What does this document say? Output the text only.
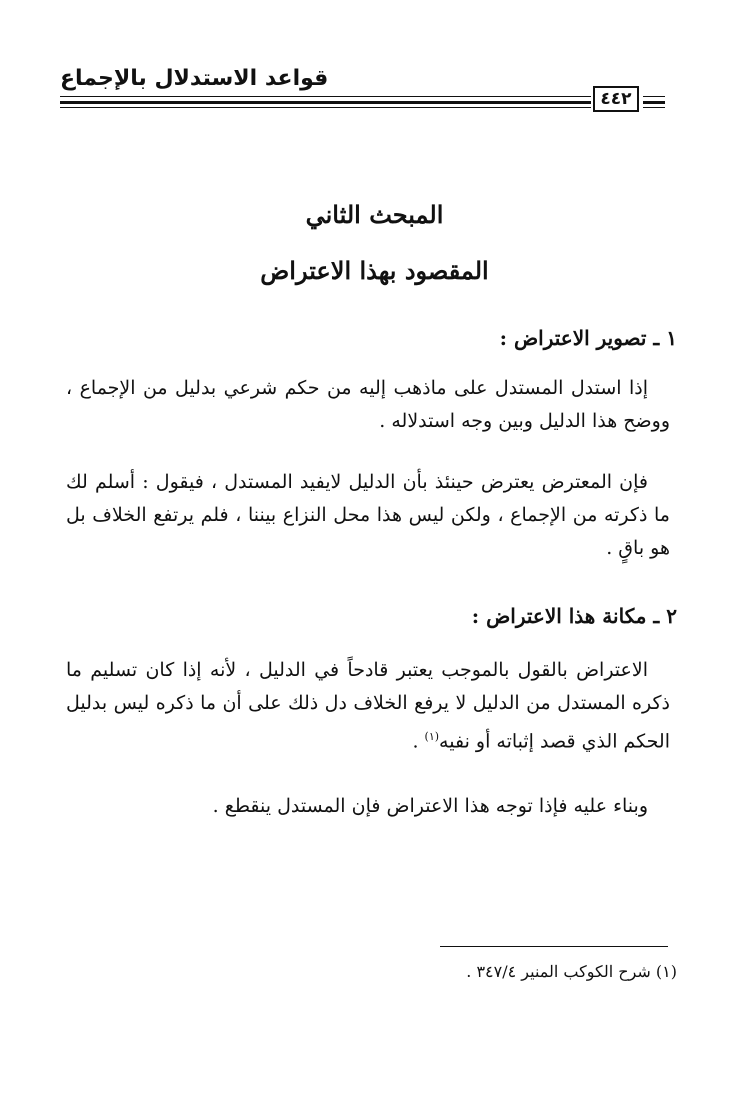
قواعد الاستدلال بالإجماع
٤٤٢
المبحث الثاني
المقصود بهذا الاعتراض
١ ـ تصوير الاعتراض :

إذا استدل المستدل على ماذهب إليه من حكم شرعي بدليل من الإجماع ، ووضح هذا الدليل وبين وجه استدلاله .

فإن المعترض يعترض حينئذ بأن الدليل لايفيد المستدل ، فيقول : أسلم لك ما ذكرته من الإجماع ، ولكن ليس هذا محل النزاع بيننا ، فلم يرتفع الخلاف بل هو باقٍ .

٢ ـ مكانة هذا الاعتراض :

الاعتراض بالقول بالموجب يعتبر قادحاً في الدليل ، لأنه إذا كان تسليم ما ذكره المستدل من الدليل لا يرفع الخلاف دل ذلك على أن ما ذكره ليس بدليل الحكم الذي قصد إثباته أو نفيه$^{(١)}$ .

وبناء عليه فإذا توجه هذا الاعتراض فإن المستدل ينقطع .

(١) شرح الكوكب المنير ٣٤٧/٤ .
